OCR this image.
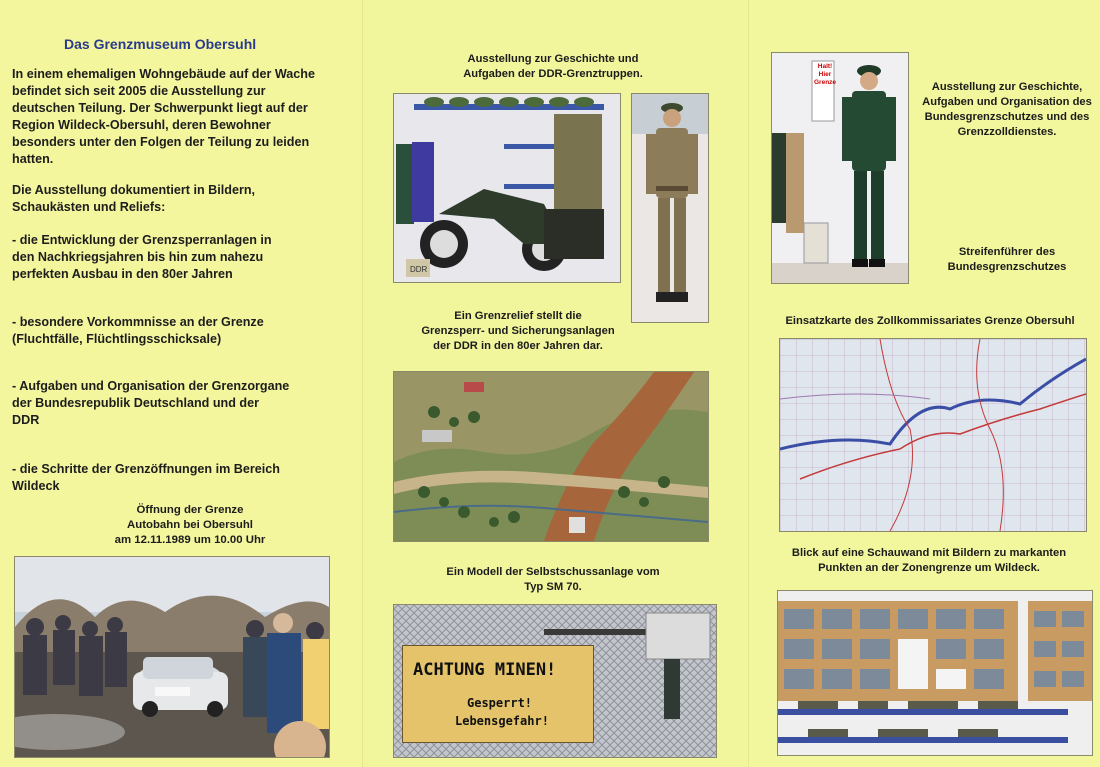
Das Grenzmuseum Obersuhl
In einem ehemaligen Wohngebäude auf der Wache
befindet sich seit 2005 die Ausstellung zur
deutschen Teilung. Der Schwerpunkt liegt auf der
Region Wildeck-Obersuhl, deren Bewohner
besonders unter den Folgen der Teilung zu leiden
hatten.
Die Ausstellung dokumentiert in Bildern,
Schaukästen und Reliefs:
- die Entwicklung der Grenzsperranlagen in
den Nachkriegsjahren bis hin zum nahezu
perfekten Ausbau in den 80er Jahren
- besondere Vorkommnisse an der Grenze
(Fluchtfälle, Flüchtlingsschicksale)
- Aufgaben und Organisation der Grenzorgane
der Bundesrepublik Deutschland und der
DDR
- die Schritte der Grenzöffnungen im Bereich
Wildeck
Öffnung der Grenze
Autobahn bei Obersuhl
am 12.11.1989 um 10.00 Uhr
Ausstellung zur Geschichte und
Aufgaben der DDR-Grenztruppen.
DDR
Ein Grenzrelief stellt die
Grenzsperr- und Sicherungsanlagen
der DDR in den 80er Jahren dar.
Ein Modell der Selbstschussanlage vom
Typ SM 70.
ACHTUNG MINEN!
Gesperrt!
Lebensgefahr!
Halt!
Hier
Grenze	Ausstellung zur Geschichte,
Aufgaben und Organisation des
Bundesgrenzschutzes und des
Grenzzolldienstes.
Streifenführer des
Bundesgrenzschutzes
Einsatzkarte des Zollkommissariates Grenze Obersuhl
Blick auf eine Schauwand mit Bildern zu markanten
Punkten an der Zonengrenze um Wildeck.
